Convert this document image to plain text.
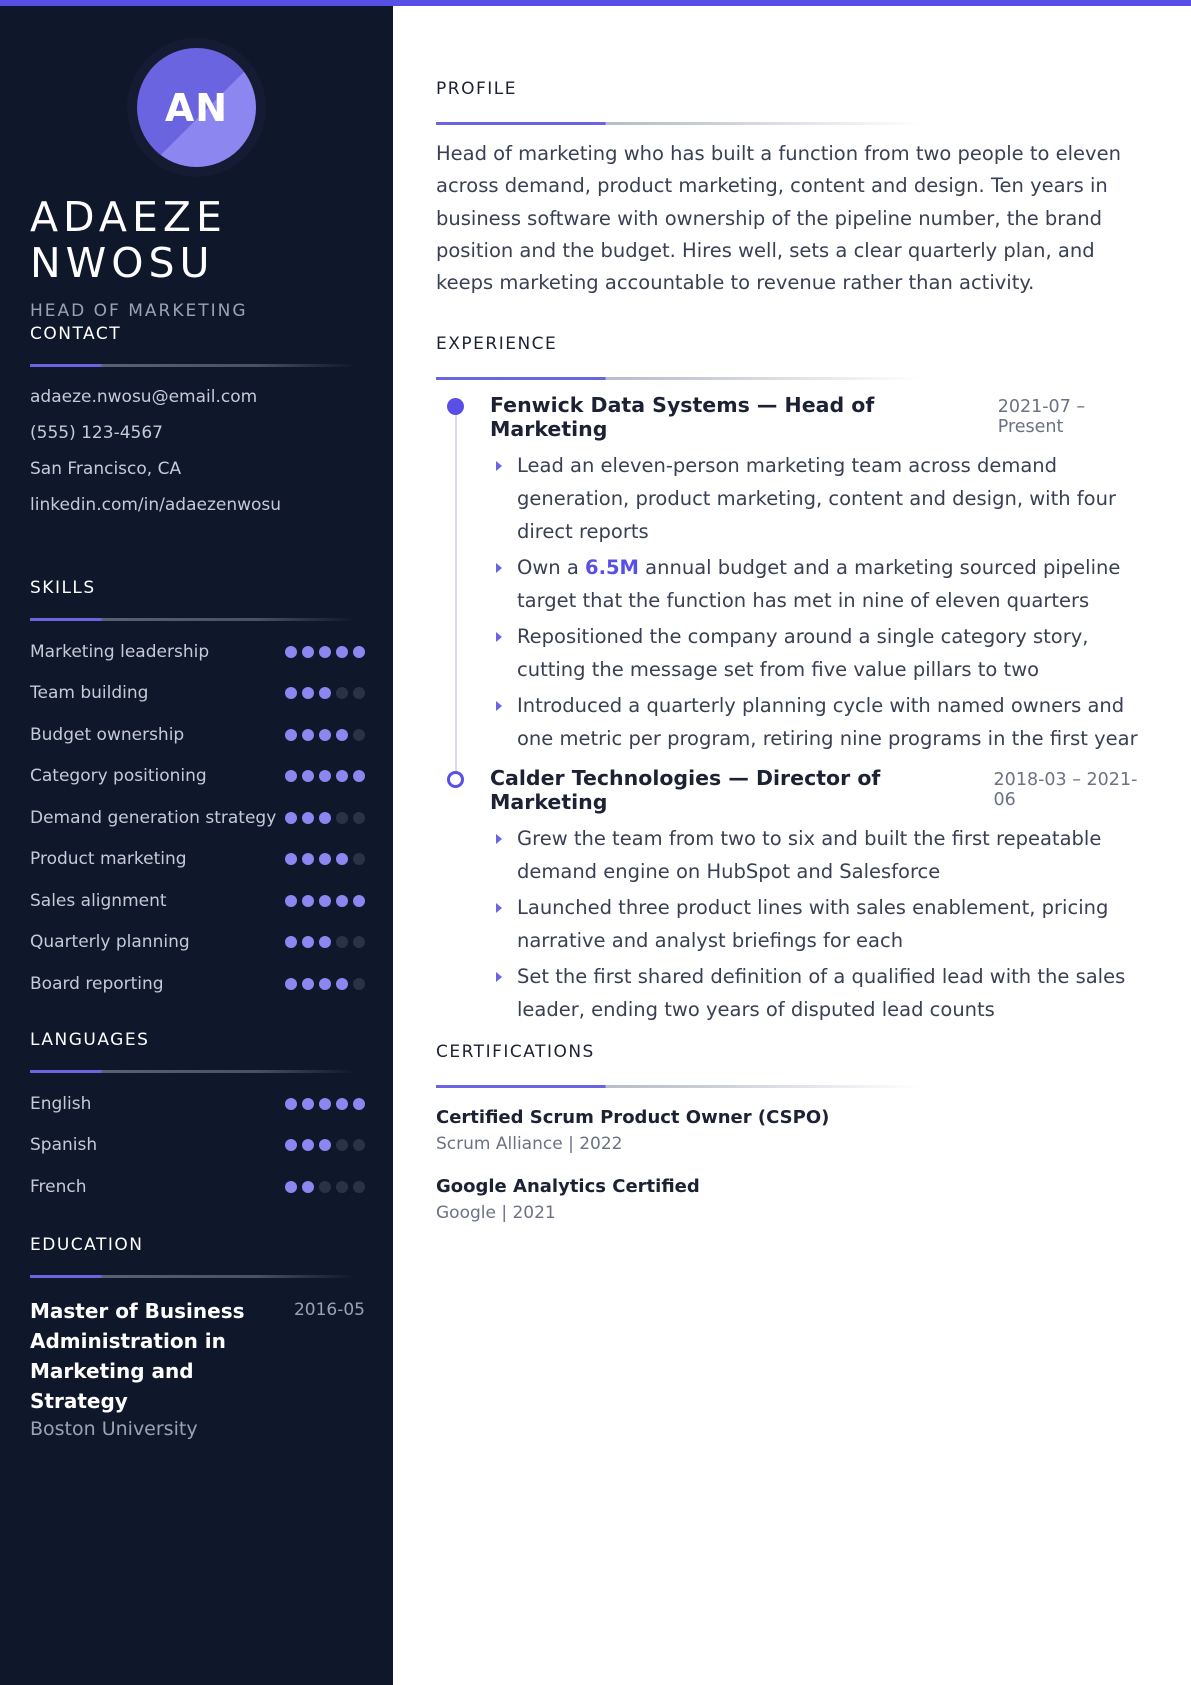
AN
ADAEZE
NWOSU
HEAD OF MARKETING
CONTACT
adaeze.nwosu@email.com
(555) 123-4567
San Francisco, CA
linkedin.com/in/adaezenwosu
SKILLS
Marketing leadership
Team building
Budget ownership
Category positioning
Demand generation strategy
Product marketing
Sales alignment
Quarterly planning
Board reporting
LANGUAGES
English
Spanish
French
EDUCATION
Master of Business Administration in Marketing and Strategy
2016-05
Boston University
PROFILE

Head of marketing who has built a function from two people to eleven across demand, product marketing, content and design. Ten years in business software with ownership of the pipeline number, the brand position and the budget. Hires well, sets a clear quarterly plan, and keeps marketing accountable to revenue rather than activity.

EXPERIENCE
Fenwick Data Systems — Head of Marketing
2021-07 – Present
Lead an eleven-person marketing team across demand generation, product marketing, content and design, with four direct reports
Own a 6.5M annual budget and a marketing sourced pipeline target that the function has met in nine of eleven quarters
Repositioned the company around a single category story, cutting the message set from five value pillars to two
Introduced a quarterly planning cycle with named owners and one metric per program, retiring nine programs in the first year
Calder Technologies — Director of Marketing
2018-03 – 2021-06
Grew the team from two to six and built the first repeatable demand engine on HubSpot and Salesforce
Launched three product lines with sales enablement, pricing narrative and analyst briefings for each
Set the first shared definition of a qualified lead with the sales leader, ending two years of disputed lead counts
CERTIFICATIONS
Certified Scrum Product Owner (CSPO)
Scrum Alliance | 2022
Google Analytics Certified
Google | 2021
